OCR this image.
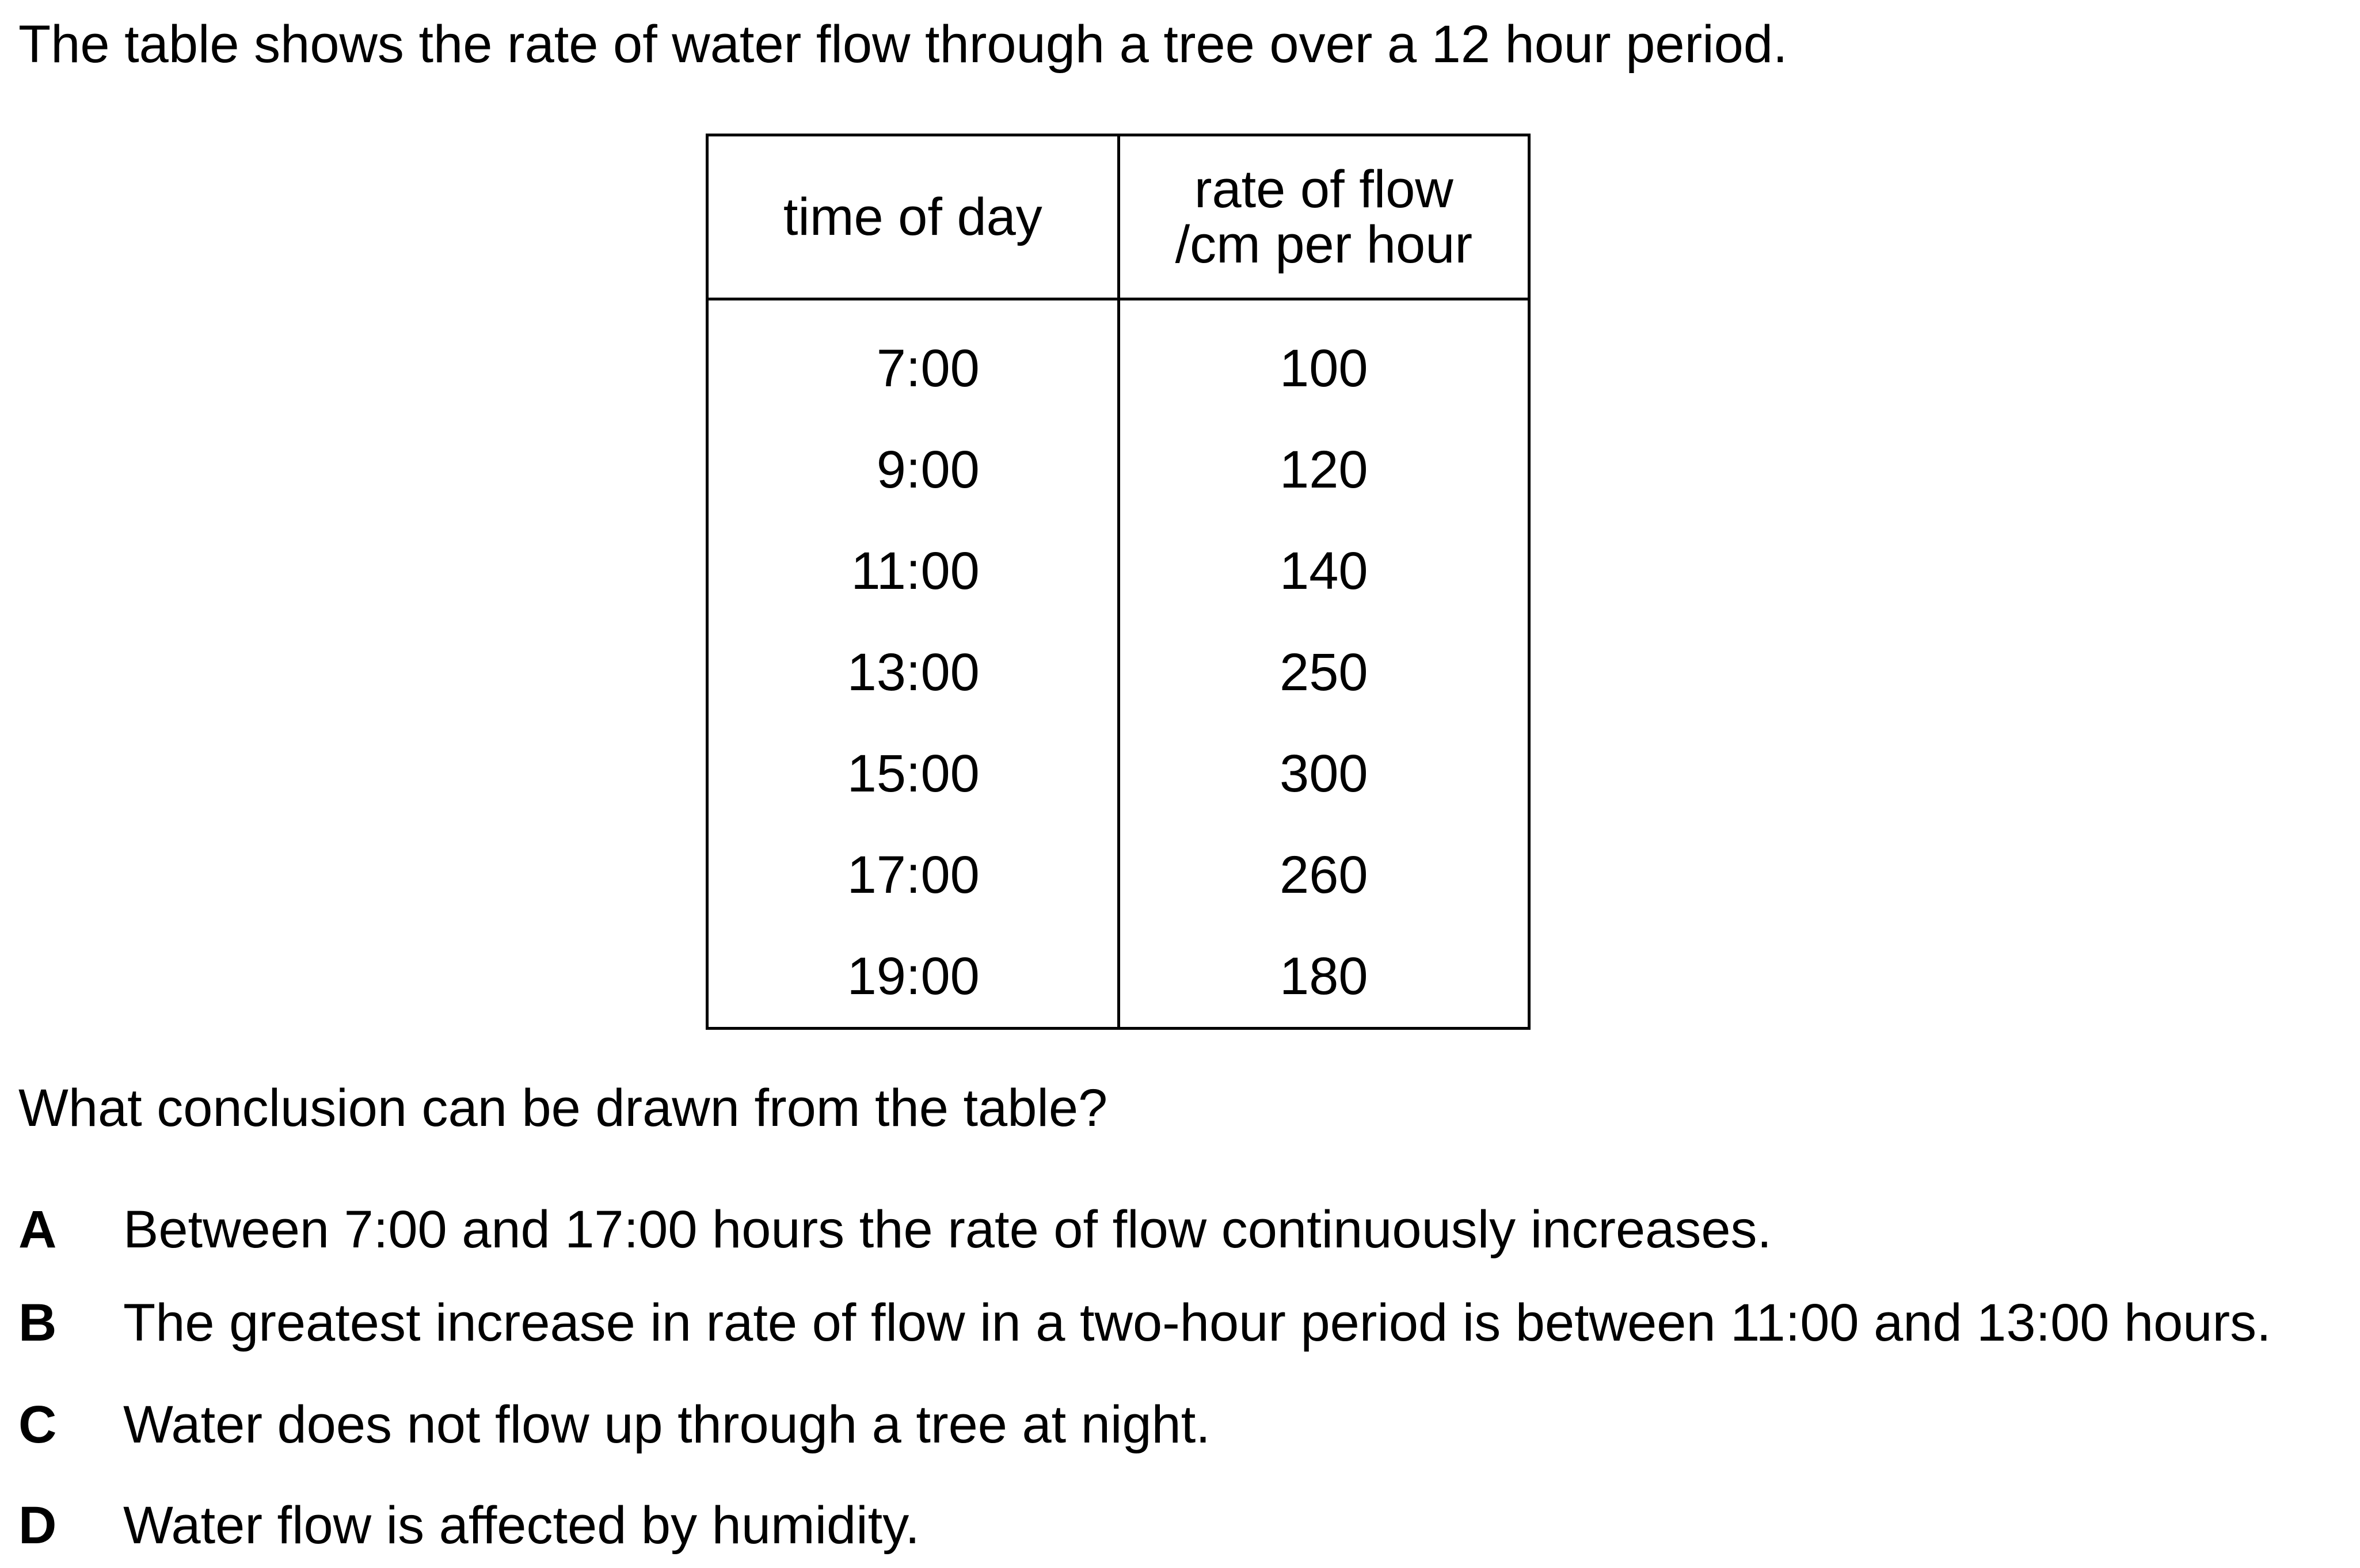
The table shows the rate of water flow through a tree over a 12 hour period.
time of day	rate of flow
/cm per hour
7:00	100
9:00	120
11:00	140
13:00	250
15:00	300
17:00	260
19:00	180
What conclusion can be drawn from the table?
A Between 7:00 and 17:00 hours the rate of flow continuously increases.
B The greatest increase in rate of flow in a two-hour period is between 11:00 and 13:00 hours.
C Water does not flow up through a tree at night.
D Water flow is affected by humidity.
